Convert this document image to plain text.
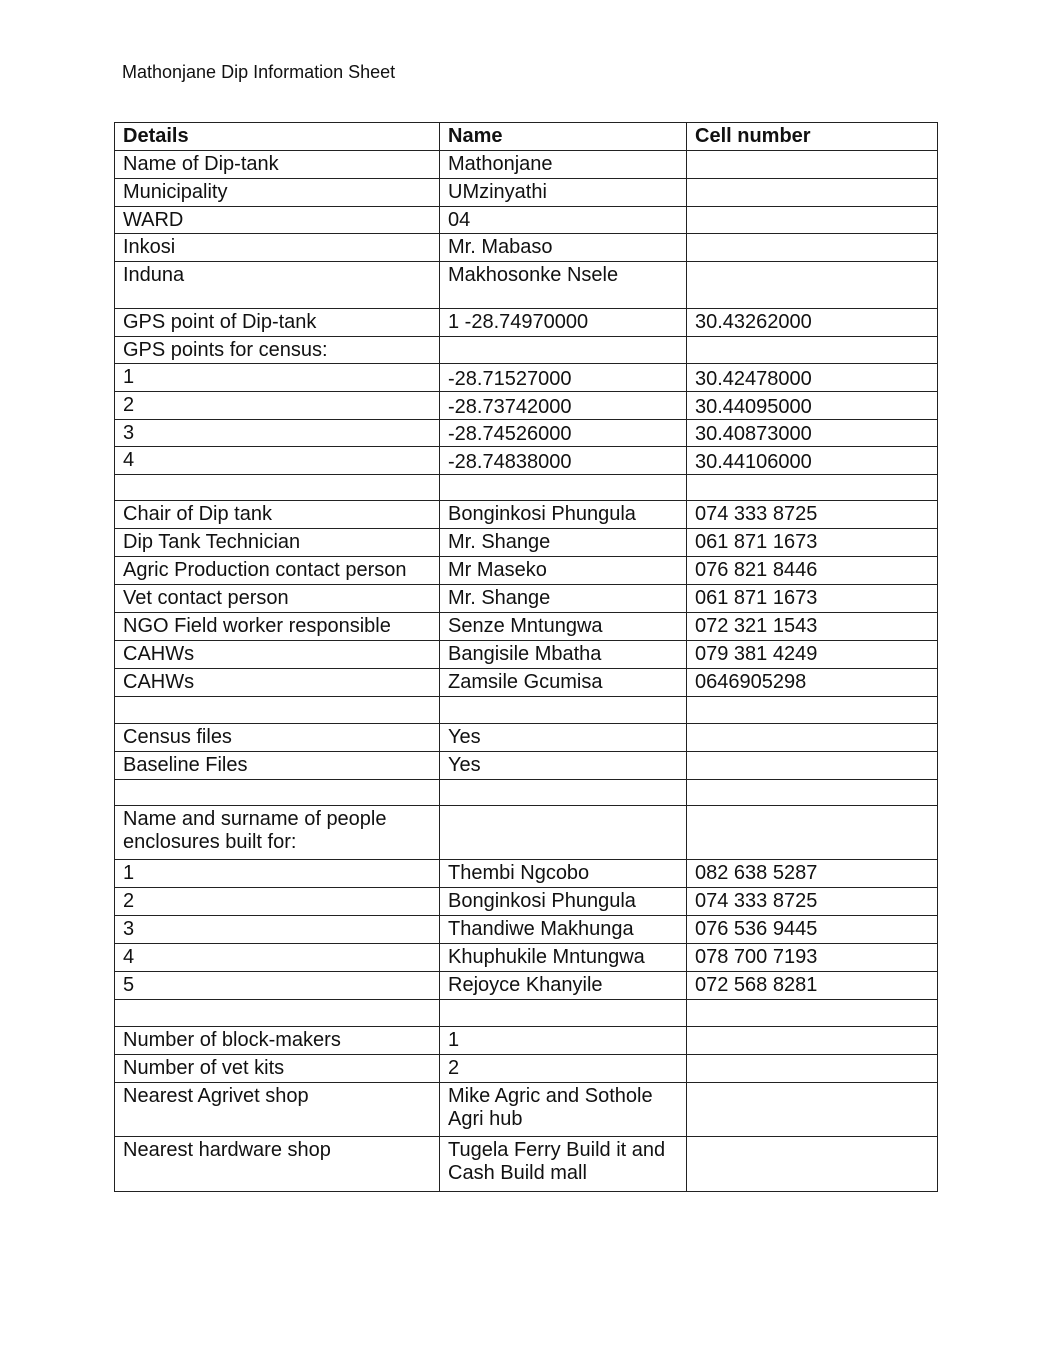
Mathonjane Dip Information Sheet
Details	Name	Cell number
Name of Dip-tank	Mathonjane	
Municipality	UMzinyathi	
WARD	04	
Inkosi	Mr. Mabaso	
Induna	Makhosonke Nsele	
GPS point of Dip-tank	1 -28.74970000	30.43262000
GPS points for census:		
1	-28.71527000	30.42478000
2	-28.73742000	30.44095000
3	-28.74526000	30.40873000
4	-28.74838000	30.44106000

Chair of Dip tank	Bonginkosi Phungula	074 333 8725
Dip Tank Technician	Mr. Shange	061 871 1673
Agric Production contact person	Mr Maseko	076 821 8446
Vet contact person	Mr. Shange	061 871 1673
NGO Field worker responsible	Senze Mntungwa	072 321 1543
CAHWs	Bangisile Mbatha	079 381 4249
CAHWs	Zamsile Gcumisa	0646905298

Census files	Yes	
Baseline Files	Yes	

Name and surname of people enclosures built for:		
1	Thembi Ngcobo	082 638 5287
2	Bonginkosi Phungula	074 333 8725
3	Thandiwe Makhunga	076 536 9445
4	Khuphukile Mntungwa	078 700 7193
5	Rejoyce Khanyile	072 568 8281

Number of block-makers	1	
Number of vet kits	2	
Nearest Agrivet shop	Mike Agric and Sothole Agri hub	
Nearest hardware shop	Tugela Ferry Build it and Cash Build mall	
